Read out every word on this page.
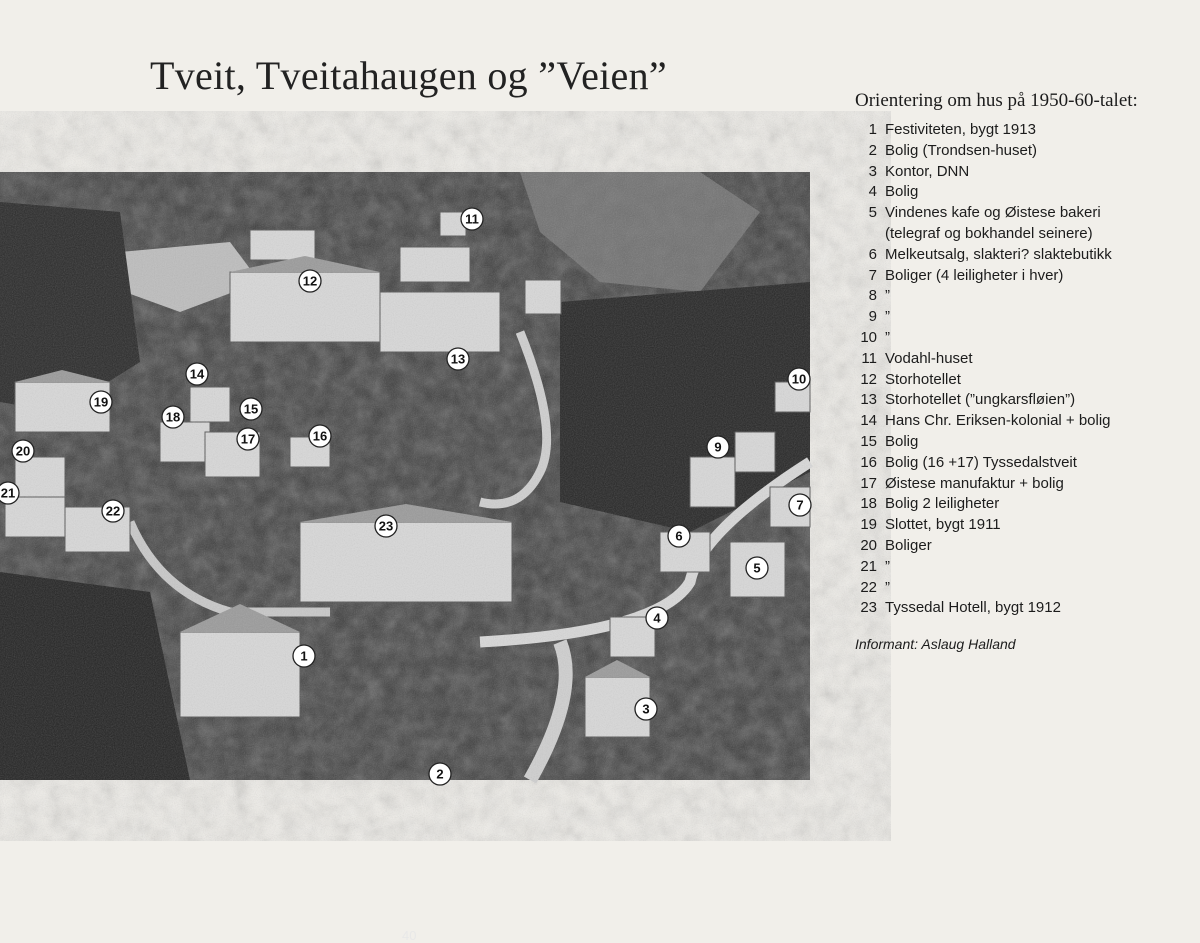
Tveit, Tveitahaugen og ”Veien”
1
2
3
4
5
6
7
9
10
11
12
13
14
15
16
17
18
19
20
21
22
23
40
Orientering om hus på 1950-60-talet:
1 Festiviteten, bygt 1913
2 Bolig (Trondsen-huset)
3 Kontor, DNN
4 Bolig
5 Vindenes kafe og Øistese bakeri
(telegraf og bokhandel seinere)
6 Melkeutsalg, slakteri? slaktebutikk
7 Boliger (4 leiligheter i hver)
8 ”
9 ”
10 ”
11 Vodahl-huset
12 Storhotellet
13 Storhotellet (”ungkarsfløien”)
14 Hans Chr. Eriksen-kolonial + bolig
15 Bolig
16 Bolig (16 +17) Tyssedalstveit
17 Øistese manufaktur + bolig
18 Bolig 2 leiligheter
19 Slottet, bygt 1911
20 Boliger
21 ”
22 ”
23 Tyssedal Hotell, bygt 1912
Informant: Aslaug Halland
